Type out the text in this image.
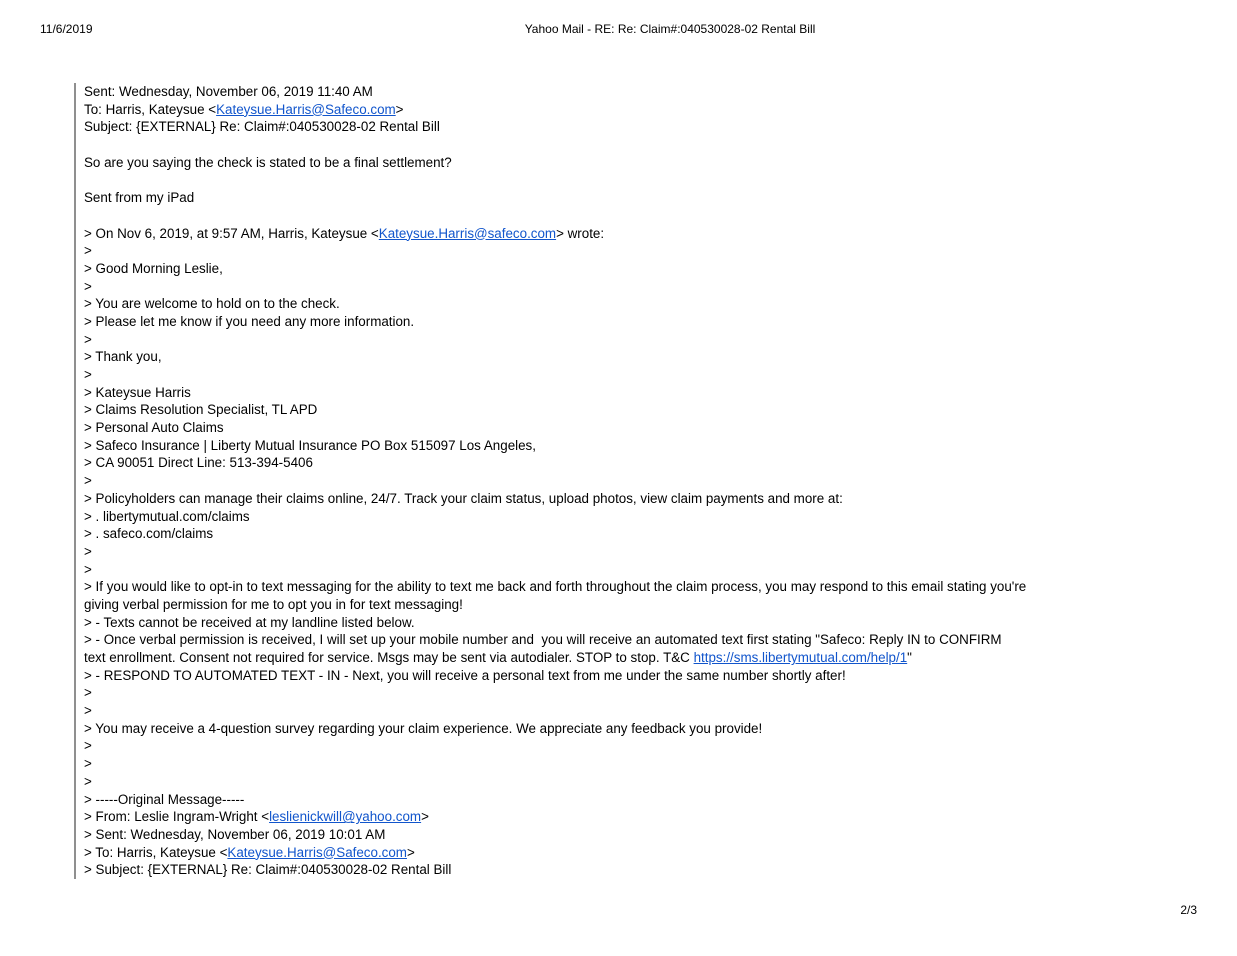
11/6/2019	Yahoo Mail - RE: Re: Claim#:040530028-02 Rental Bill
Sent: Wednesday, November 06, 2019 11:40 AM
To: Harris, Kateysue <Kateysue.Harris@Safeco.com>
Subject: {EXTERNAL} Re: Claim#:040530028-02 Rental Bill
So are you saying the check is stated to be a final settlement?
Sent from my iPad
> On Nov 6, 2019, at 9:57 AM, Harris, Kateysue <Kateysue.Harris@safeco.com> wrote:
>
> Good Morning Leslie,
>
> You are welcome to hold on to the check.
> Please let me know if you need any more information.
>
> Thank you,
>
> Kateysue Harris
> Claims Resolution Specialist, TL APD
> Personal Auto Claims
> Safeco Insurance | Liberty Mutual Insurance PO Box 515097 Los Angeles,
> CA 90051 Direct Line: 513-394-5406
>
> Policyholders can manage their claims online, 24/7. Track your claim status, upload photos, view claim payments and more at:
> . libertymutual.com/claims
> . safeco.com/claims
>
>
> If you would like to opt-in to text messaging for the ability to text me back and forth throughout the claim process, you may respond to this email stating you're
giving verbal permission for me to opt you in for text messaging!
> - Texts cannot be received at my landline listed below.
> - Once verbal permission is received, I will set up your mobile number and  you will receive an automated text first stating "Safeco: Reply IN to CONFIRM
text enrollment. Consent not required for service. Msgs may be sent via autodialer. STOP to stop. T&C https://sms.libertymutual.com/help/1"
> - RESPOND TO AUTOMATED TEXT - IN - Next, you will receive a personal text from me under the same number shortly after!
>
>
> You may receive a 4-question survey regarding your claim experience. We appreciate any feedback you provide!
>
>
>
> -----Original Message-----
> From: Leslie Ingram-Wright <leslienickwill@yahoo.com>
> Sent: Wednesday, November 06, 2019 10:01 AM
> To: Harris, Kateysue <Kateysue.Harris@Safeco.com>
> Subject: {EXTERNAL} Re: Claim#:040530028-02 Rental Bill
2/3
